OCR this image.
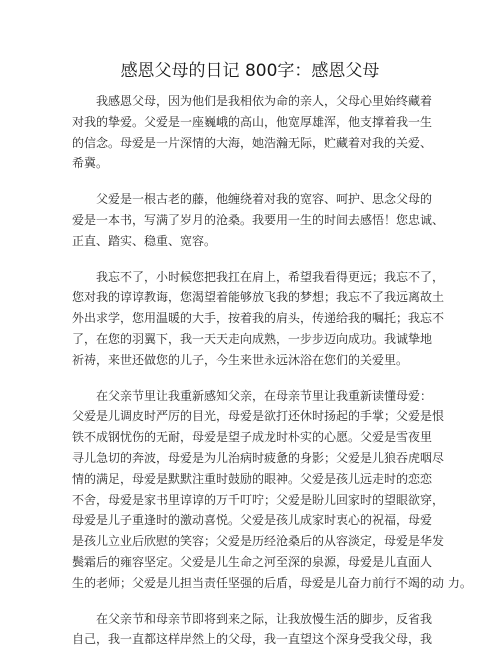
感恩父母的日记 800字：感恩父母
　　我感恩父母，因为他们是我相依为命的亲人，父母心里始终藏着
对我的挚爱。父爱是一座巍峨的高山，他宽厚雄浑，他支撑着我一生
的信念。母爱是一片深情的大海，她浩瀚无际，贮藏着对我的关爱、
希冀。
　　父爱是一根古老的藤，他缠绕着对我的宽容、呵护、思念父母的
爱是一本书，写满了岁月的沧桑。我要用一生的时间去感悟！您忠诚、
正直、踏实、稳重、宽容。
　　我忘不了，小时候您把我扛在肩上，希望我看得更远；我忘不了，
您对我的谆谆教诲，您渴望着能够放飞我的梦想；我忘不了我远离故土
外出求学，您用温暖的大手，按着我的肩头，传递给我的嘱托；我忘不
了，在您的羽翼下，我一天天走向成熟，一步步迈向成功。我诚挚地
祈祷，来世还做您的儿子，今生来世永远沐浴在您们的关爱里。
　　在父亲节里让我重新感知父亲，在母亲节里让我重新读懂母爱：
父爱是儿调皮时严厉的目光，母爱是欲打还休时扬起的手掌；父爱是恨
铁不成钢忧伤的无耐，母爱是望子成龙时朴实的心愿。父爱是雪夜里
寻儿急切的奔波，母爱是为儿治病时疲惫的身影；父爱是儿狼吞虎咽尽
情的满足，母爱是默默注重时鼓励的眼神。父爱是孩儿远走时的恋恋
不舍，母爱是家书里谆谆的万千叮咛；父爱是盼儿回家时的望眼欲穿，
母爱是儿子重逢时的激动喜悦。父爱是孩儿成家时衷心的祝福，母爱
是孩儿立业后欣慰的笑容；父爱是历经沧桑后的从容淡定，母爱是华发
鬓霜后的雍容坚定。父爱是儿生命之河至深的泉源，母爱是儿直面人
生的老师；父爱是儿担当责任坚强的后盾，母爱是儿奋力前行不竭的动 力。
　　在父亲节和母亲节即将到来之际，让我放慢生活的脚步，反省我
自己，我一直都这样岸然上的父母，我一直望这个深身受我父母，我
